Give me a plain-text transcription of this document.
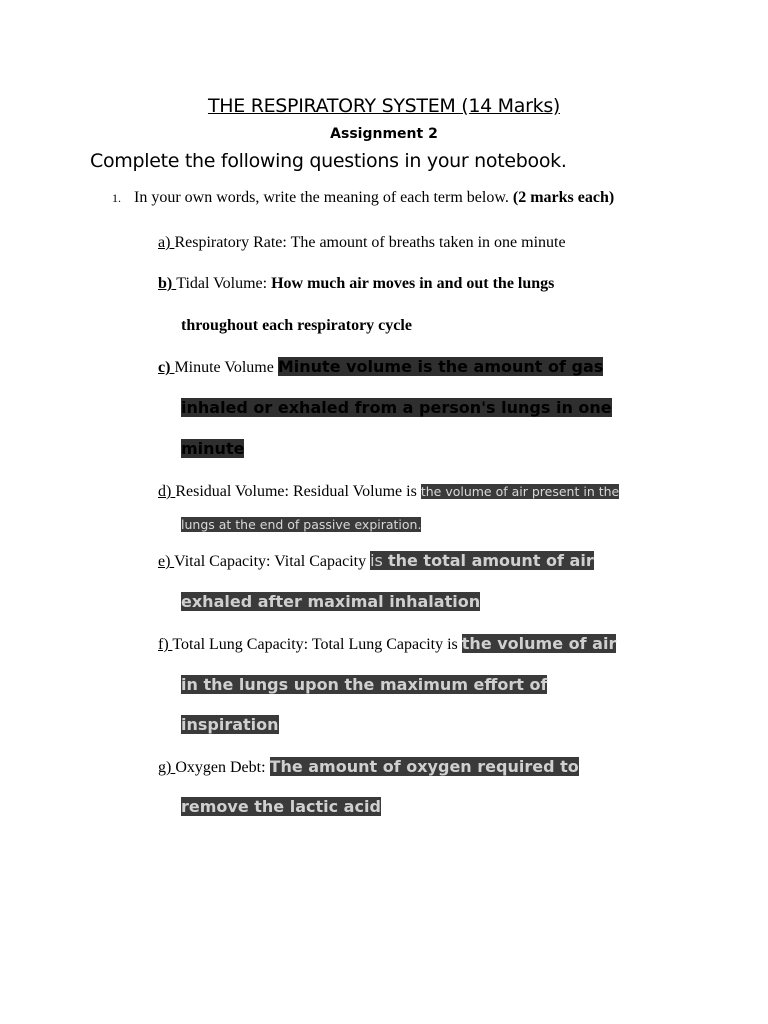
THE RESPIRATORY SYSTEM (14 Marks)
Assignment 2
Complete the following questions in your notebook.
1. In your own words, write the meaning of each term below. (2 marks each)
a) Respiratory Rate: The amount of breaths taken in one minute
b) Tidal Volume: How much air moves in and out the lungs
throughout each respiratory cycle
c) Minute Volume Minute volume is the amount of gas
inhaled or exhaled from a person's lungs in one
minute
d) Residual Volume: Residual Volume is the volume of air present in the
lungs at the end of passive expiration.
e) Vital Capacity: Vital Capacity is the total amount of air
exhaled after maximal inhalation
f) Total Lung Capacity: Total Lung Capacity is the volume of air
in the lungs upon the maximum effort of
inspiration
g) Oxygen Debt: The amount of oxygen required to
remove the lactic acid
